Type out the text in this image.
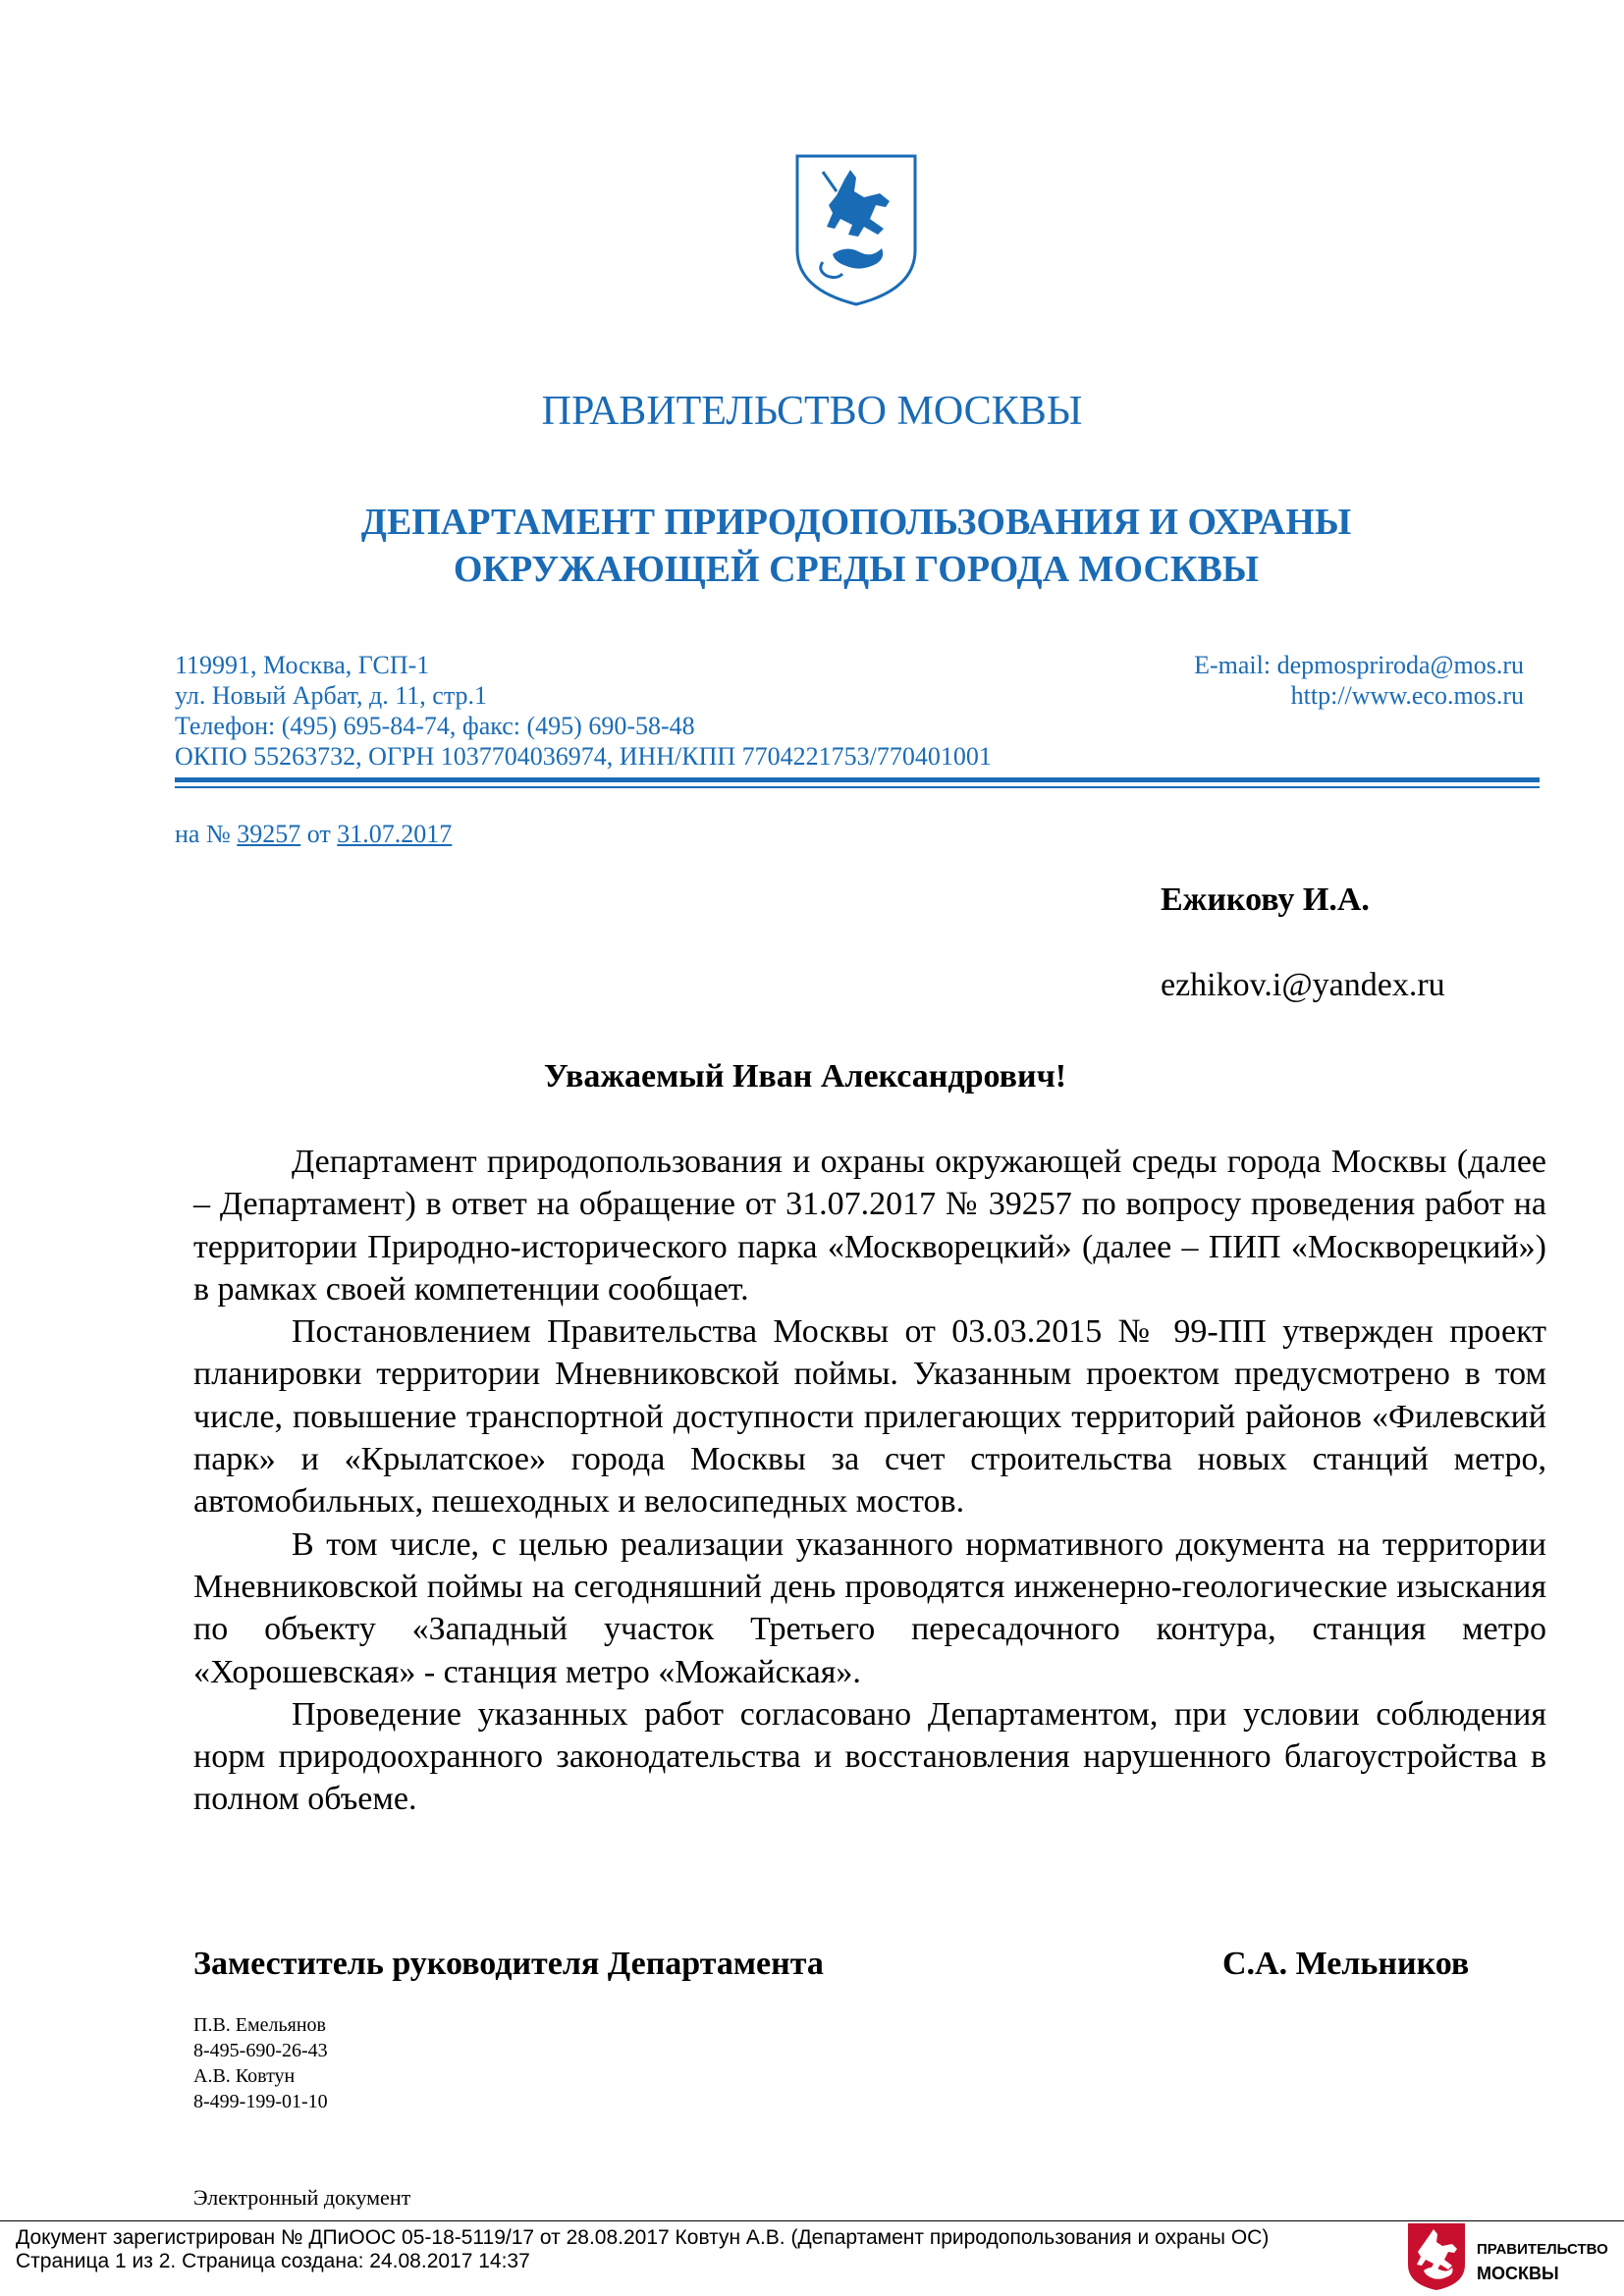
ПРАВИТЕЛЬСТВО МОСКВЫ
ДЕПАРТАМЕНТ ПРИРОДОПОЛЬЗОВАНИЯ И ОХРАНЫ
ОКРУЖАЮЩЕЙ СРЕДЫ ГОРОДА МОСКВЫ
119991, Москва, ГСП-1
ул. Новый Арбат, д. 11, стр.1
Телефон: (495) 695-84-74, факс: (495) 690-58-48
ОКПО 55263732, ОГРН 1037704036974, ИНН/КПП 7704221753/770401001
E-mail: depmospriroda@mos.ru
http://www.eco.mos.ru
на № 39257 от 31.07.2017
Ежикову И.А.
ezhikov.i@yandex.ru
Уважаемый Иван Александрович!

Департамент природопользования и охраны окружающей среды города Москвы (далее – Департамент) в ответ на обращение от 31.07.2017 № 39257 по вопросу проведения работ на территории Природно-исторического парка «Москворецкий» (далее – ПИП «Москворецкий») в рамках своей компетенции сообщает.

Постановлением Правительства Москвы от 03.03.2015 № 99-ПП утвержден проект планировки территории Мневниковской поймы. Указанным проектом предусмотрено в том числе, повышение транспортной доступности прилегающих территорий районов «Филевский парк» и «Крылатское» города Москвы за счет строительства новых станций метро, автомобильных, пешеходных и велосипедных мостов.

В том числе, с целью реализации указанного нормативного документа на территории Мневниковской поймы на сегодняшний день проводятся инженерно-геологические изыскания по объекту «Западный участок Третьего пересадочного контура, станция метро «Хорошевская» - станция метро «Можайская».

Проведение указанных работ согласовано Департаментом, при условии соблюдения норм природоохранного законодательства и восстановления нарушенного благоустройства в полном объеме.

Заместитель руководителя Департамента	С.А. Мельников
П.В. Емельянов
8-495-690-26-43
А.В. Ковтун
8-499-199-01-10
Электронный документ
Документ зарегистрирован № ДПиООС 05-18-5119/17 от 28.08.2017 Ковтун А.В. (Департамент природопользования и охраны ОС)
Страница 1 из 2. Страница создана: 24.08.2017 14:37
ПРАВИТЕЛЬСТВО
МОСКВЫ
